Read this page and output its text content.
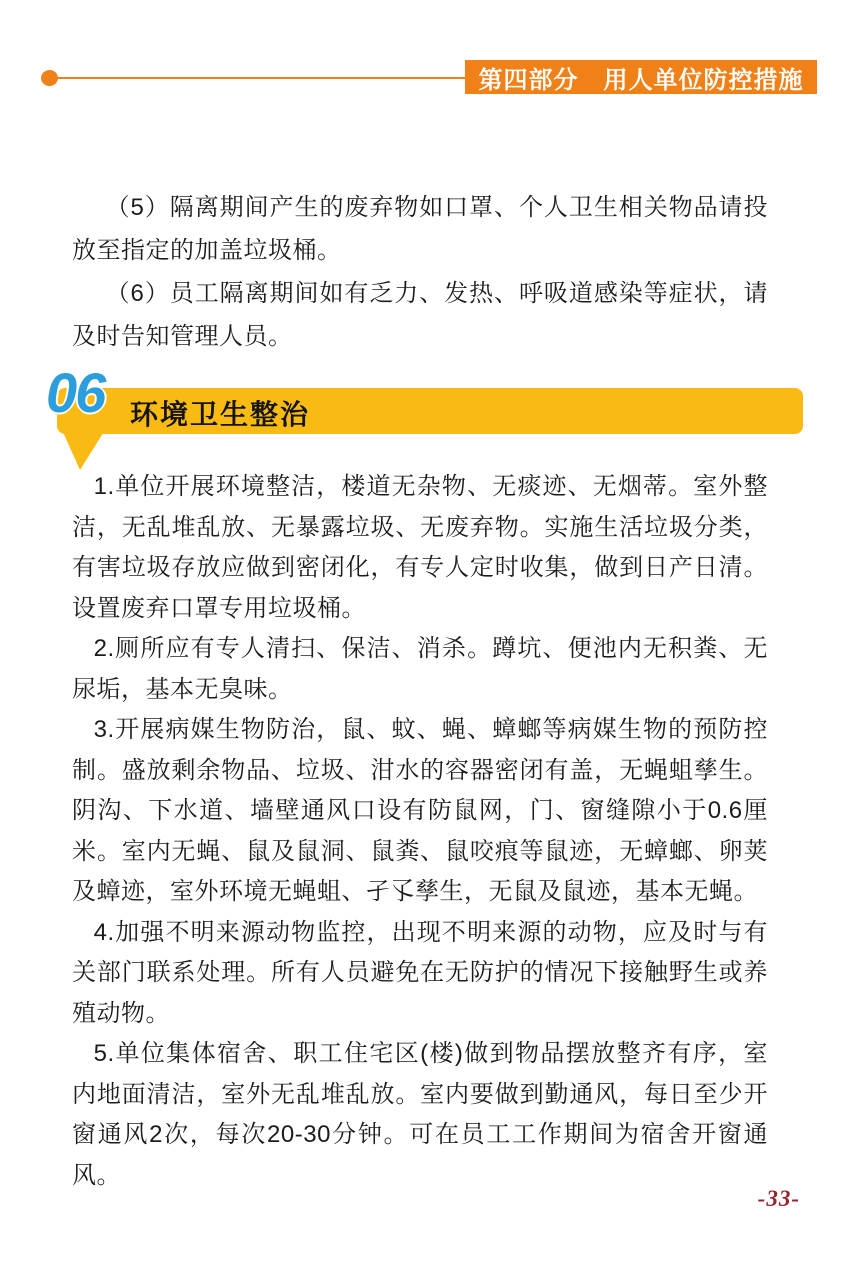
第四部分　用人单位防控措施

（5）隔离期间产生的废弃物如口罩、个人卫生相关物品请投放至指定的加盖垃圾桶。

（6）员工隔离期间如有乏力、发热、呼吸道感染等症状，请及时告知管理人员。

环境卫生整治
06

1.单位开展环境整洁，楼道无杂物、无痰迹、无烟蒂。室外整洁，无乱堆乱放、无暴露垃圾、无废弃物。实施生活垃圾分类，有害垃圾存放应做到密闭化，有专人定时收集，做到日产日清。设置废弃口罩专用垃圾桶。

2.厕所应有专人清扫、保洁、消杀。蹲坑、便池内无积粪、无尿垢，基本无臭味。

3.开展病媒生物防治，鼠、蚊、蝇、蟑螂等病媒生物的预防控制。盛放剩余物品、垃圾、泔水的容器密闭有盖，无蝇蛆孳生。阴沟、下水道、墙壁通风口设有防鼠网，门、窗缝隙小于0.6厘米。室内无蝇、鼠及鼠洞、鼠粪、鼠咬痕等鼠迹，无蟑螂、卵荚及蟑迹，室外环境无蝇蛆、孑孓孳生，无鼠及鼠迹，基本无蝇。

4.加强不明来源动物监控，出现不明来源的动物，应及时与有关部门联系处理。所有人员避免在无防护的情况下接触野生或养殖动物。

5.单位集体宿舍、职工住宅区(楼)做到物品摆放整齐有序，室内地面清洁，室外无乱堆乱放。室内要做到勤通风，每日至少开窗通风2次，每次20-30分钟。可在员工工作期间为宿舍开窗通风。

-33-
